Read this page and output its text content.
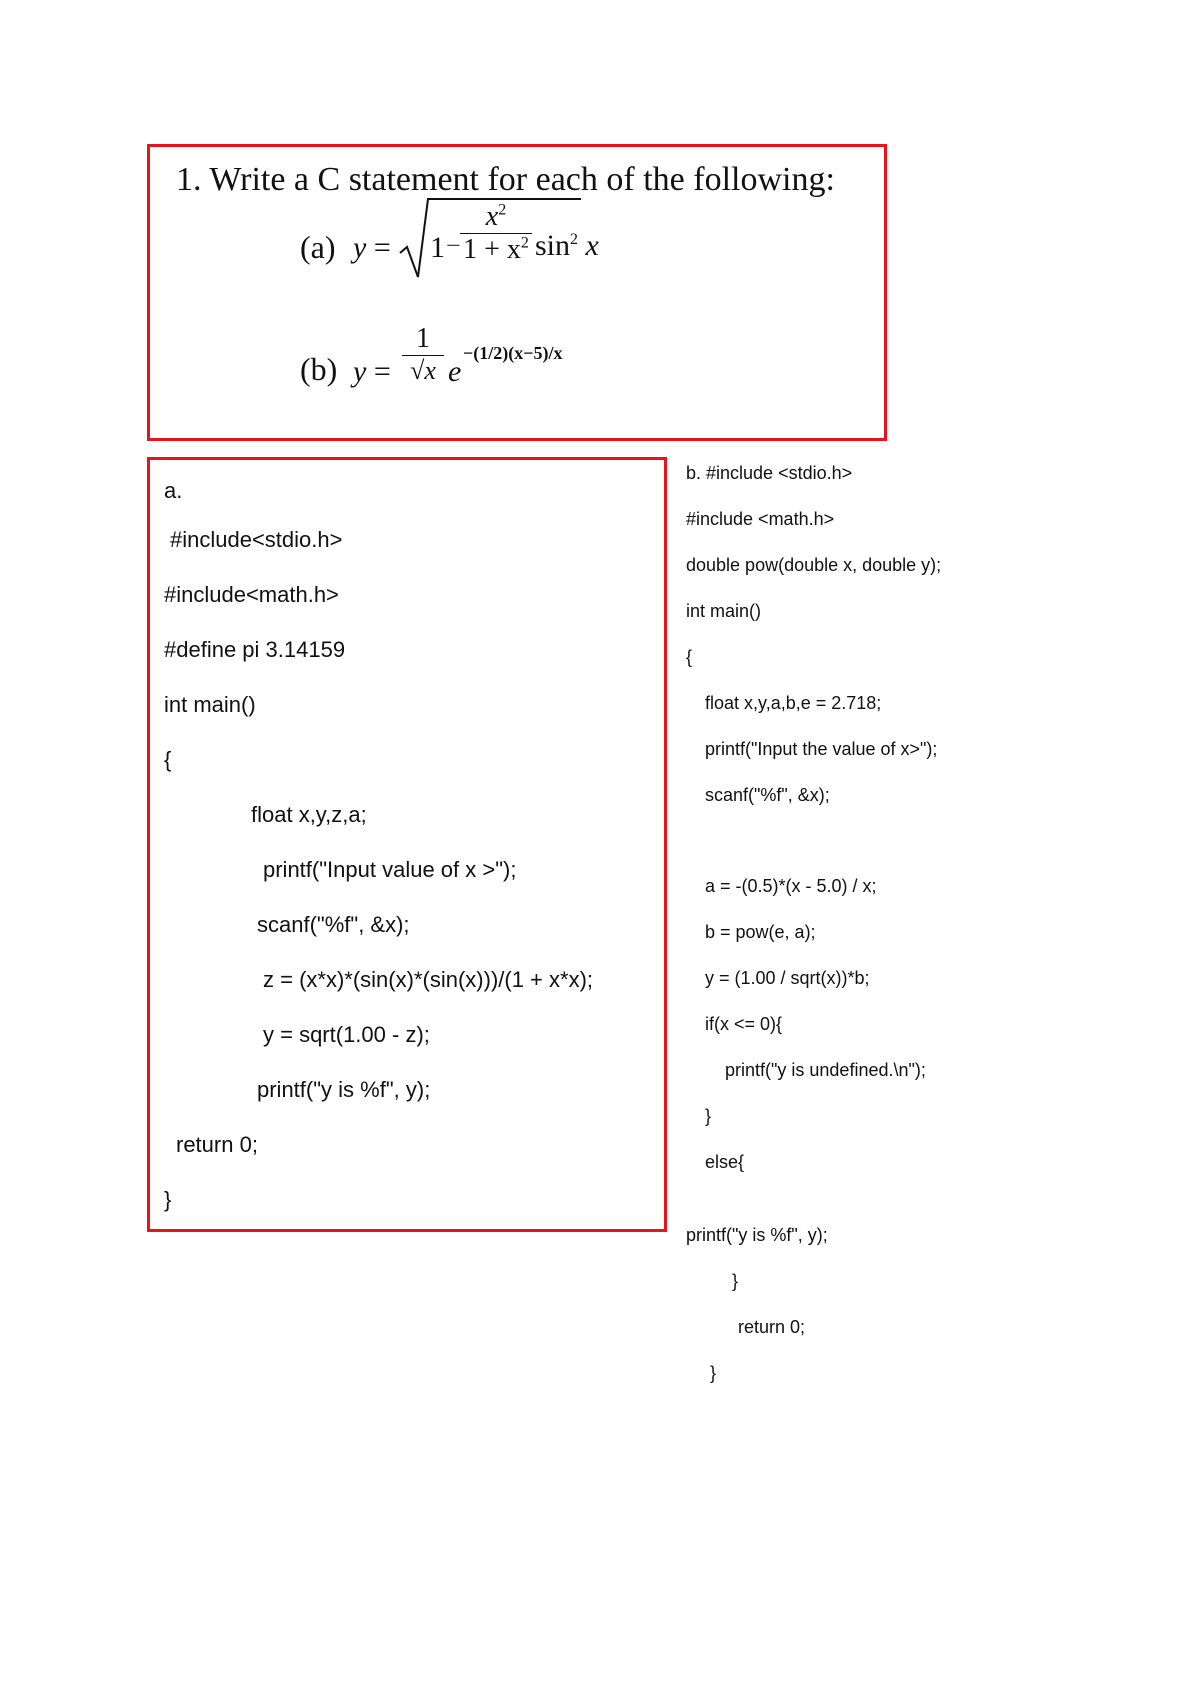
1. Write a C statement for each of the following:
(a) y = 1 −
$x^2$
$1 + x^2$ $\sin^2 x$
(b) y =
1
√x e
−(1/2)(x−5)/x
a.
#include<stdio.h>
#include<math.h>
#define pi 3.14159
int main()
{
float x,y,z,a;
printf("Input value of x >");
scanf("%f", &x);
z = (x*x)*(sin(x)*(sin(x)))/(1 + x*x);
y = sqrt(1.00 - z);
printf("y is %f", y);
return 0;
}
b. #include <stdio.h>
#include <math.h>
double pow(double x, double y);
int main()
{
float x,y,a,b,e = 2.718;
printf("Input the value of x>");
scanf("%f", &x);
a = -(0.5)*(x - 5.0) / x;
b = pow(e, a);
y = (1.00 / sqrt(x))*b;
if(x <= 0){
printf("y is undefined.\n");
}
else{
printf("y is %f", y);
}
return 0;
}
